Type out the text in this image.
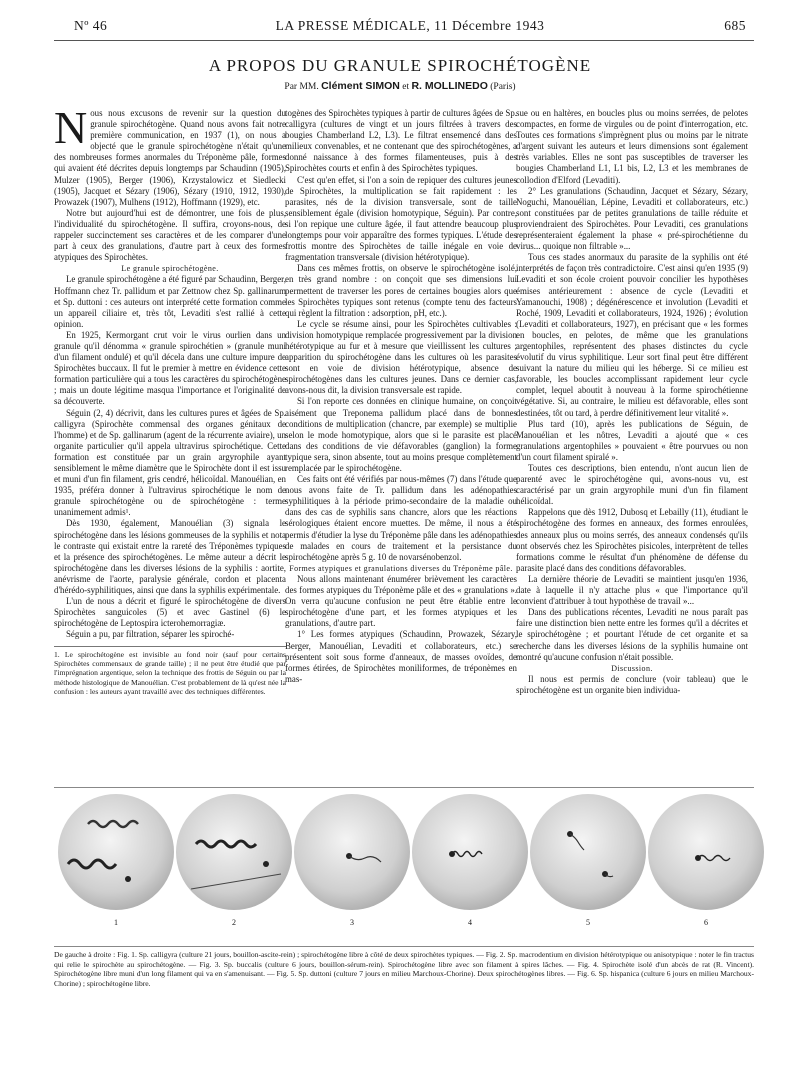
Nº 46	LA PRESSE MÉDICALE, 11 Décembre 1943	685
A PROPOS DU GRANULE SPIROCHÉTOGÈNE
Par MM. Clément SIMON et R. MOLLINEDO (Paris)

Nous nous excusons de revenir sur la question du granule spirochétogène. Quand nous avons fait notre première communication, en 1937 (1), on nous a objecté que le granule spirochétogène n'était qu'une des nombreuses formes anormales du Tréponème pâle, formes qui avaient été décrites depuis longtemps par Schaudinn (1905), Mulzer (1905), Berger (1906), Krzystalowicz et Siedlecki (1905), Jacquet et Sézary (1906), Sézary (1910, 1912, 1930), Prowazek (1907), Mulhens (1912), Hoffmann (1929), etc.

Notre but aujourd'hui est de démontrer, une fois de plus, l'individualité du spirochétogène. Il suffira, croyons-nous, de rappeler succinctement ses caractères et de les comparer d'une part à ceux des granulations, d'autre part à ceux des formes atypiques des Spirochètes.

Le granule spirochétogène.

Le granule spirochétogène a été figuré par Schaudinn, Berger, Hoffmann chez Tr. pallidum et par Zettnow chez Sp. gallinarum et Sp. duttoni : ces auteurs ont interprété cette formation comme un appareil ciliaire et, très tôt, Levaditi s'est rallié à cette opinion.

En 1925, Kermorgant crut voir le virus ourlien dans un granule qu'il dénomma « granule spirochétien » (granule muni d'un filament ondulé) et qu'il décela dans une culture impure de Spirochètes buccaux. Il fut le premier à mettre en évidence cette formation particulière qui a tous les caractères du spirochétogène ; mais un doute légitime masqua l'importance et l'originalité de sa découverte.

Séguin (2, 4) décrivit, dans les cultures pures et âgées de Sp. calligyra (Spirochète commensal des organes génitaux de l'homme) et de Sp. gallinarum (agent de la récurrente aviaire), un organite particulier qu'il appela ultravirus spirochétique. Cette formation est constituée par un grain argyrophile ayant sensiblement le même diamètre que le Spirochète dont il est issu et muni d'un fin filament, gris cendré, hélicoïdal. Manouélian, en 1935, préféra donner à l'ultravirus spirochétique le nom de granule spirochétogène ou de spirochétogène : terme unanimement admis¹.

Dès 1930, également, Manouélian (3) signala le spirochétogène dans les lésions gommeuses de la syphilis et nota le contraste qui existait entre la rareté des Tréponèmes typiques et la présence des spirochétogènes. Le même auteur a décrit le spirochétogène dans les diverses lésions de la syphilis : aortite, anévrisme de l'aorte, paralysie générale, cordon et placenta d'hérédo-syphilitiques, ainsi que dans la syphilis expérimentale.

L'un de nous a décrit et figuré le spirochétogène de divers Spirochètes sanguicoles (5) et avec Gastinel (6) le spirochétogène de Leptospira icterohemorragiæ.

Séguin a pu, par filtration, séparer les spiroché-

1. Le spirochétogène est invisible au fond noir (sauf pour certains Spirochètes commensaux de grande taille) ; il ne peut être étudié que par l'imprégnation argentique, selon la technique des frottis de Séguin ou par la méthode histologique de Manouélian. C'est probablement de là qu'est née la confusion : les auteurs ayant travaillé avec des techniques différentes.

togènes des Spirochètes typiques à partir de cultures âgées de Sp. calligyra (cultures de vingt et un jours filtrées à travers des bougies Chamberland L2, L3). Le filtrat ensemencé dans des milieux convenables, et ne contenant que des spirochétogènes, a donné naissance à des formes filamenteuses, puis à des Spirochètes courts et enfin à des Spirochètes typiques.

C'est qu'en effet, si l'on a soin de repiquer des cultures jeunes de Spirochètes, la multiplication se fait rapidement : les parasites, nés de la division transversale, sont de taille sensiblement égale (division homotypique, Séguin). Par contre, si l'on repique une culture âgée, il faut attendre beaucoup plus longtemps pour voir apparaître des formes typiques. L'étude des frottis montre des Spirochètes de taille inégale en voie de fragmentation transversale (division hétérotypique).

Dans ces mêmes frottis, on observe le spirochétogène isolé, en très grand nombre : on conçoit que ses dimensions lui permettent de traverser les pores de certaines bougies alors que les Spirochètes typiques sont retenus (compte tenu des facteurs qui règlent la filtration : adsorption, pH, etc.).

Le cycle se résume ainsi, pour les Spirochètes cultivables : division homotypique remplacée progressivement par la division hétérotypique au fur et à mesure que vieillissent les cultures ; apparition du spirochétogène dans les cultures où les parasites sont en voie de division hétérotypique, absence de spirochétogènes dans les cultures jeunes. Dans ce dernier cas, avons-nous dit, la division transversale est rapide.

Si l'on reporte ces données en clinique humaine, on conçoit aisément que Treponema pallidum placé dans de bonnes conditions de multiplication (chancre, par exemple) se multiplie selon le mode homotypique, alors que si le parasite est placé dans des conditions de vie défavorables (ganglion) la forme typique sera, sinon absente, tout au moins presque complètement remplacée par le spirochétogène.

Ces faits ont été vérifiés par nous-mêmes (7) dans l'étude que nous avons faite de Tr. pallidum dans les adénopathies syphilitiques à la période primo-secondaire de la maladie ou dans des cas de syphilis sans chancre, alors que les réactions sérologiques étaient encore muettes. De même, il nous a été permis d'étudier la lyse du Tréponème pâle dans les adénopathies de malades en cours de traitement et la persistance du spirochétogène après 5 g. 10 de novarsénobenzol.

Formes atypiques et granulations diverses du Tréponème pâle.

Nous allons maintenant énumérer brièvement les caractères des formes atypiques du Tréponème pâle et des « granulations ». On verra qu'aucune confusion ne peut être établie entre le spirochétogène d'une part, et les formes atypiques et les granulations, d'autre part.

1° Les formes atypiques (Schaudinn, Prowazek, Sézary, Berger, Manouélian, Levaditi et collaborateurs, etc.) se présentent soit sous forme d'anneaux, de masses ovoïdes, de formes étirées, de Spirochètes moniliformes, de tréponèmes en mas-

sue ou en haltères, en boucles plus ou moins serrées, de pelotes compactes, en forme de virgules ou de point d'interrogation, etc. Toutes ces formations s'imprègnent plus ou moins par le nitrate d'argent suivant les auteurs et leurs dimensions sont également très variables. Elles ne sont pas susceptibles de traverser les bougies Chamberland L1, L1 bis, L2, L3 et les membranes de collodion d'Elford (Levaditi).

2° Les granulations (Schaudinn, Jacquet et Sézary, Sézary, Noguchi, Manouélian, Lépine, Levaditi et collaborateurs, etc.) sont constituées par de petites granulations de taille réduite et proviendraient des Spirochètes. Pour Levaditi, ces granulations représenteraient également la phase « pré-spirochétienne du virus... quoique non filtrable »...

Tous ces stades anormaux du parasite de la syphilis ont été interprétés de façon très contradictoire. C'est ainsi qu'en 1935 (9) Levaditi et son école croient pouvoir concilier les hypothèses émises antérieurement : absence de cycle (Levaditi et Yamanouchi, 1908) ; dégénérescence et involution (Levaditi et Roché, 1909, Levaditi et collaborateurs, 1924, 1926) ; évolution (Levaditi et collaborateurs, 1927), en précisant que « les formes en boucles, en pelotes, de même que les granulations argentophiles, représentent des phases distinctes du cycle évolutif du virus syphilitique. Leur sort final peut être différent suivant la nature du milieu qui les héberge. Si ce milieu est favorable, les boucles accomplissant rapidement leur cycle complet, lequel aboutit à nouveau à la forme spirochétienne végétative. Si, au contraire, le milieu est défavorable, elles sont destinées, tôt ou tard, à perdre définitivement leur vitalité ».

Plus tard (10), après les publications de Séguin, de Manouélian et les nôtres, Levaditi a ajouté que « ces granulations argentophiles » pouvaient « être pourvues ou non d'un court filament spiralé ».

Toutes ces descriptions, bien entendu, n'ont aucun lien de parenté avec le spirochétogène qui, avons-nous vu, est caractérisé par un grain argyrophile muni d'un fin filament hélicoïdal.

Rappelons que dès 1912, Dubosq et Lebailly (11), étudiant le spirochétogène des formes en anneaux, des formes enroulées, des anneaux plus ou moins serrés, des anneaux condensés qu'ils ont observés chez les Spirochètes pisicoles, interprètent de telles formations comme le résultat d'un phénomène de défense du parasite placé dans des conditions défavorables.

La dernière théorie de Levaditi se maintient jusqu'en 1936, date à laquelle il n'y attache plus « que l'importance qu'il convient d'attribuer à tout hypothèse de travail »...

Dans des publications récentes, Levaditi ne nous paraît pas faire une distinction bien nette entre les formes qu'il a décrites et le spirochétogène ; et pourtant l'étude de cet organite et sa recherche dans les diverses lésions de la syphilis humaine ont montré qu'aucune confusion n'était possible.

Discussion.

Il nous est permis de conclure (voir tableau) que le spirochétogène est un organite bien individua-

1	2	3	4	5	6
De gauche à droite : Fig. 1. Sp. calligyra (culture 21 jours, bouillon-ascite-rein) ; spirochétogène libre à côté de deux spirochètes typiques. — Fig. 2. Sp. macrodentium en division hétérotypique ou anisotypique : noter le fin tractus qui relie le spirochète au spirochétogène. — Fig. 3. Sp. buccalis (culture 6 jours, bouillon-sérum-rein). Spirochétogène libre avec son filament à spires lâches. — Fig. 4. Spirochète isolé d'un abcès de rat (R. Vincent). Spirochétogène libre muni d'un long filament qui va en s'amenuisant. — Fig. 5. Sp. duttoni (culture 7 jours en milieu Marchoux-Chorine). Deux spirochétogènes libres. — Fig. 6. Sp. hispanica (culture 6 jours en milieu Marchoux-Chorine) ; spirochétogène libre.
